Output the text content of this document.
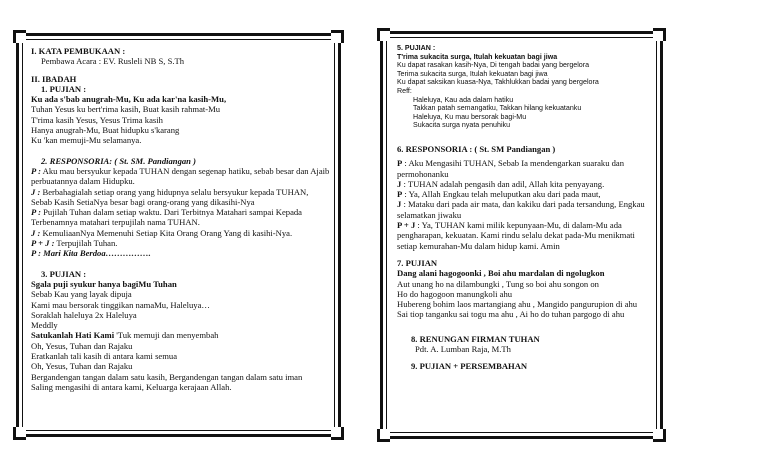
I. KATA PEMBUKAAN :

Pembawa Acara : EV. Rusleli NB S, S.Th

II. IBADAH

1. PUJIAN :

Ku ada s'bab anugrah-Mu, Ku ada kar'na kasih-Mu,

Tuhan Yesus ku bert'rima kasih, Buat kasih rahmat-Mu

T'rima kasih Yesus, Yesus Trima kasih

Hanya anugrah-Mu, Buat hidupku s'karang

Ku 'kan memuji-Mu selamanya.

2. RESPONSORIA: ( St. SM. Pandiangan )

P : Aku mau bersyukur kepada TUHAN dengan segenap hatiku, sebab besar dan Ajaib perbuatannya dalam Hidupku.

J : Berbahagialah setiap orang yang hidupnya selalu bersyukur kepada TUHAN, Sebab Kasih SetiaNya besar bagi orang-orang yang dikasihi-Nya

P : Pujilah Tuhan dalam setiap waktu. Dari Terbitnya Matahari sampai Kepada Terbenamnya matahari terpujilah nama TUHAN.

J : KemuliaanNya Memenuhi Setiap Kita Orang Orang Yang di kasihi-Nya.

P + J : Terpujilah Tuhan.

P : Mari Kita Berdoa…………….

3. PUJIAN :

Sgala puji syukur hanya bagiMu Tuhan

Sebab Kau yang layak dipuja

Kami mau bersorak tinggikan namaMu, Haleluya…

Soraklah haleluya 2x Haleluya

Meddly

Satukanlah Hati Kami 'Tuk memuji dan menyembah

Oh, Yesus, Tuhan dan Rajaku

Eratkanlah tali kasih di antara kami semua

Oh, Yesus, Tuhan dan Rajaku

Bergandengan tangan dalam satu kasih, Bergandengan tangan dalam satu iman

Saling mengasihi di antara kami, Keluarga kerajaan Allah.

5. PUJIAN :

T'rima sukacita surga, Itulah kekuatan bagi jiwa

Ku dapat rasakan kasih-Nya, Di tengah badai yang bergelora

Terima sukacita surga, Itulah kekuatan bagi jiwa

Ku dapat saksikan kuasa-Nya, Takhlukkan badai yang bergelora

Reff:

Haleluya, Kau ada dalam hatiku

Takkan patah semangatku, Takkan hilang kekuatanku

Haleluya, Ku mau bersorak bagi-Mu

Sukacita surga nyata penuhiku

6. RESPONSORIA : ( St. SM Pandiangan )

P : Aku Mengasihi TUHAN, Sebab Ia mendengarkan suaraku dan permohonanku

J : TUHAN adalah pengasih dan adil, Allah kita penyayang.

P : Ya, Allah Engkau telah meluputkan aku dari pada maut,

J : Mataku dari pada air mata, dan kakiku dari pada tersandung, Engkau selamatkan jiwaku

P + J : Ya, TUHAN kami milik kepunyaan-Mu, di dalam-Mu ada pengharapan, kekuatan. Kami rindu selalu dekat pada-Mu menikmati setiap kemurahan-Mu dalam hidup kami. Amin

7. PUJIAN

Dang alani hagogoonki , Boi ahu mardalan di ngolugkon

Aut unang ho na dilambungki , Tung so boi ahu songon on

Ho do hagogoon manungkoli ahu

Hubereng bohim laos martangiang ahu , Mangido pangurupion di ahu

Sai tiop tanganku sai togu ma ahu , Ai ho do tuhan pargogo di ahu

8. RENUNGAN FIRMAN TUHAN

Pdt. A. Lumban Raja, M.Th

9. PUJIAN + PERSEMBAHAN
